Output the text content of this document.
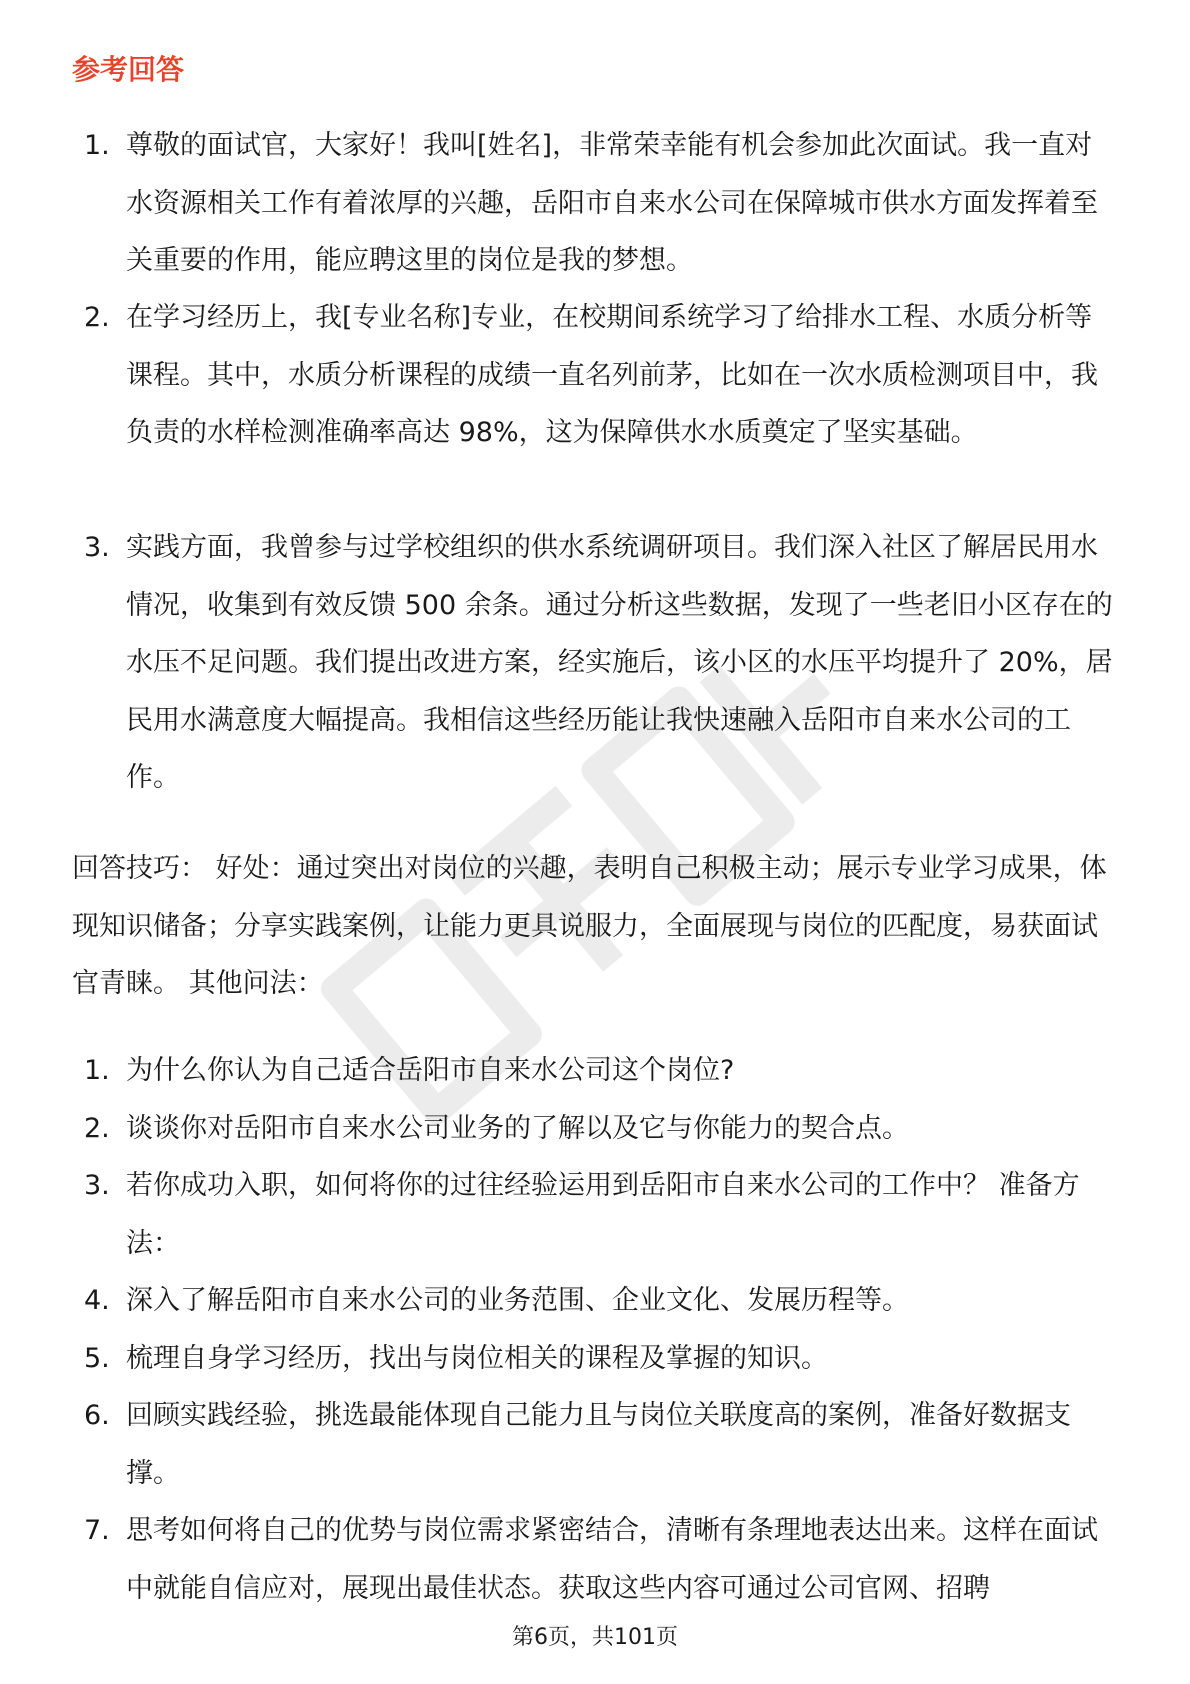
参考回答
1. 尊敬的面试官，大家好！我叫[姓名]，非常荣幸能有机会参加此次面试。我一直对水资源相关工作有着浓厚的兴趣，岳阳市自来水公司在保障城市供水方面发挥着至关重要的作用，能应聘这里的岗位是我的梦想。
2. 在学习经历上，我[专业名称]专业，在校期间系统学习了给排水工程、水质分析等课程。其中，水质分析课程的成绩一直名列前茅，比如在一次水质检测项目中，我负责的水样检测准确率高达 98%，这为保障供水水质奠定了坚实基础。
3. 实践方面，我曾参与过学校组织的供水系统调研项目。我们深入社区了解居民用水情况，收集到有效反馈 500 余条。通过分析这些数据，发现了一些老旧小区存在的水压不足问题。我们提出改进方案，经实施后，该小区的水压平均提升了 20%，居民用水满意度大幅提高。我相信这些经历能让我快速融入岳阳市自来水公司的工作。

回答技巧： 好处：通过突出对岗位的兴趣，表明自己积极主动；展示专业学习成果，体现知识储备；分享实践案例，让能力更具说服力，全面展现与岗位的匹配度，易获面试官青睐。 其他问法：

1. 为什么你认为自己适合岳阳市自来水公司这个岗位?
2. 谈谈你对岳阳市自来水公司业务的了解以及它与你能力的契合点。
3. 若你成功入职，如何将你的过往经验运用到岳阳市自来水公司的工作中？ 准备方法：
4. 深入了解岳阳市自来水公司的业务范围、企业文化、发展历程等。
5. 梳理自身学习经历，找出与岗位相关的课程及掌握的知识。
6. 回顾实践经验，挑选最能体现自己能力且与岗位关联度高的案例，准备好数据支撑。
7. 思考如何将自己的优势与岗位需求紧密结合，清晰有条理地表达出来。这样在面试中就能自信应对，展现出最佳状态。获取这些内容可通过公司官网、招聘
第6页，共101页
